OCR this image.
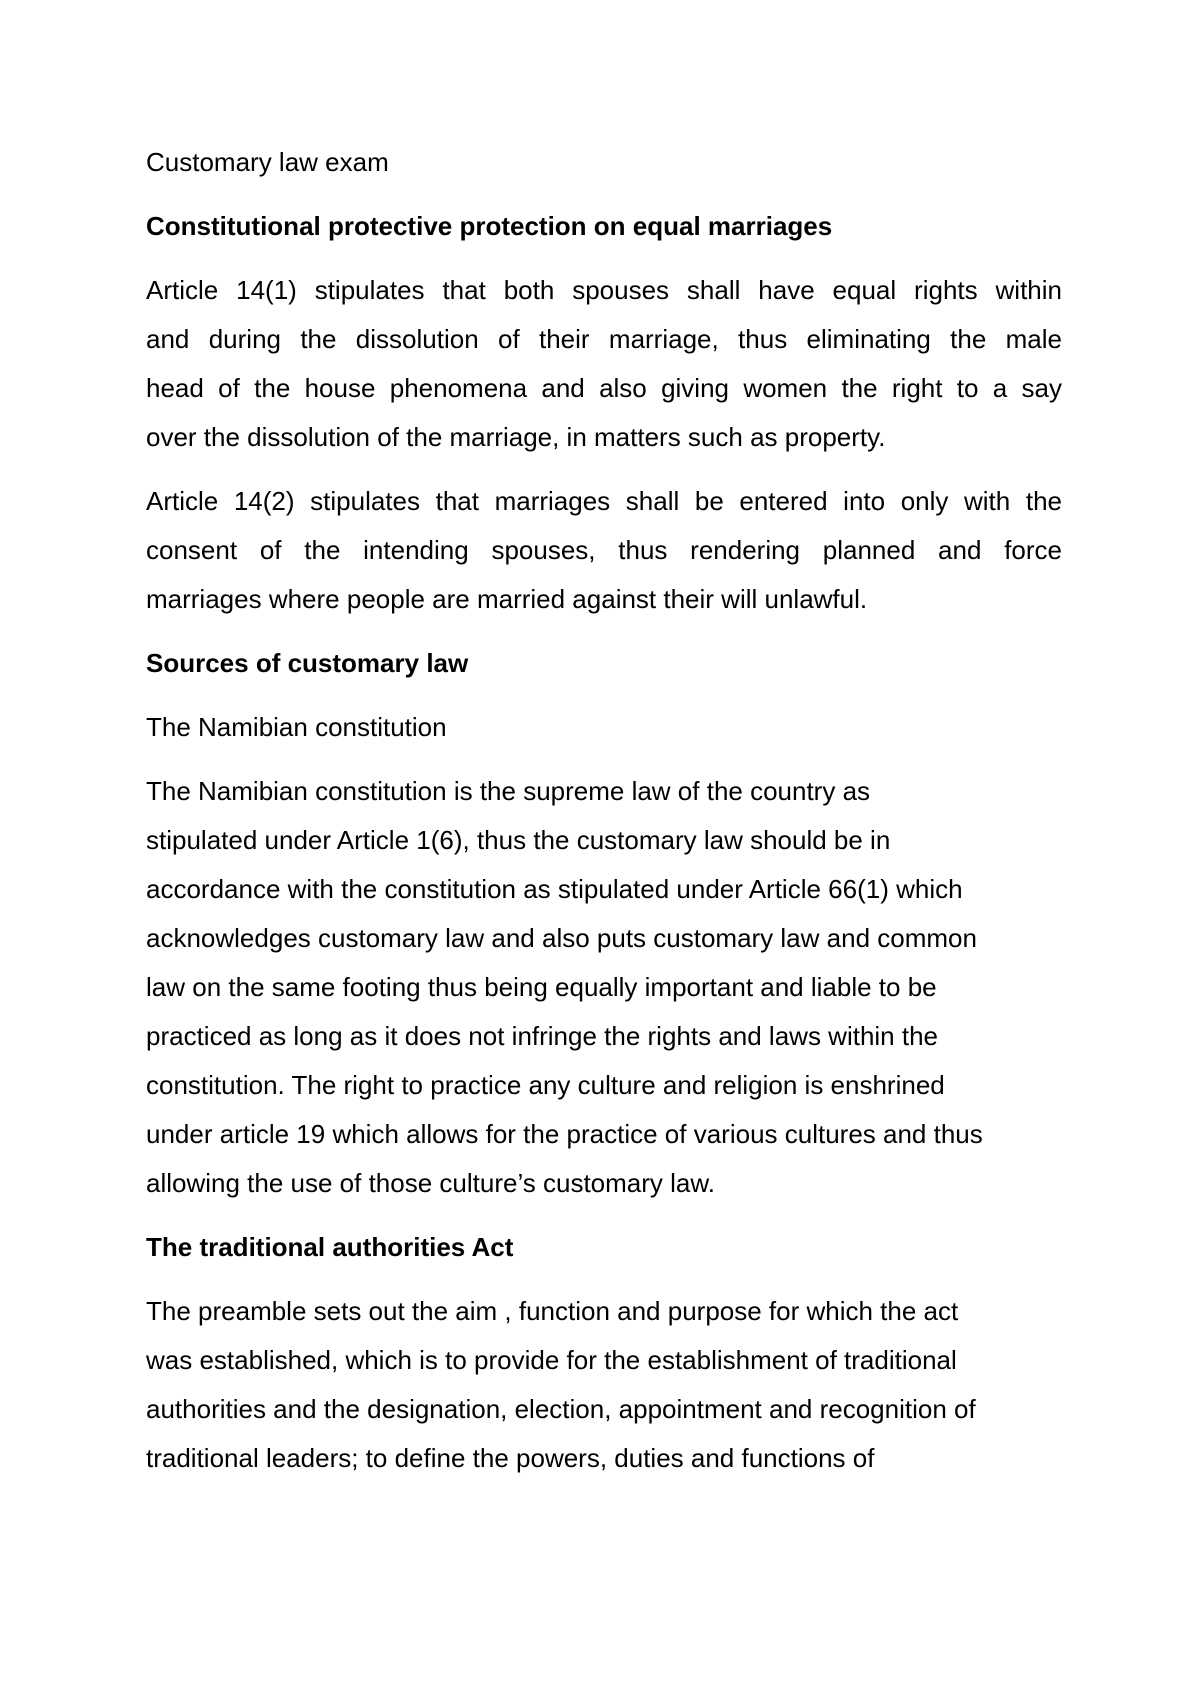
Customary law exam
Constitutional protective protection on equal marriages
Article 14(1) stipulates that both spouses shall have equal rights within
and during the dissolution of their marriage, thus eliminating the male
head of the house phenomena and also giving women the right to a say
over the dissolution of the marriage, in matters such as property.
Article 14(2) stipulates that marriages shall be entered into only with the
consent of the intending spouses, thus rendering planned and force
marriages where people are married against their will unlawful.
Sources of customary law
The Namibian constitution
The Namibian constitution is the supreme law of the country as
stipulated under Article 1(6), thus the customary law should be in
accordance with the constitution as stipulated under Article 66(1) which
acknowledges customary law and also puts customary law and common
law on the same footing thus being equally important and liable to be
practiced as long as it does not infringe the rights and laws within the
constitution. The right to practice any culture and religion is enshrined
under article 19 which allows for the practice of various cultures and thus
allowing the use of those culture’s customary law.
The traditional authorities Act
The preamble sets out the aim , function and purpose for which the act
was established, which is to provide for the establishment of traditional
authorities and the designation, election, appointment and recognition of
traditional leaders; to define the powers, duties and functions of
